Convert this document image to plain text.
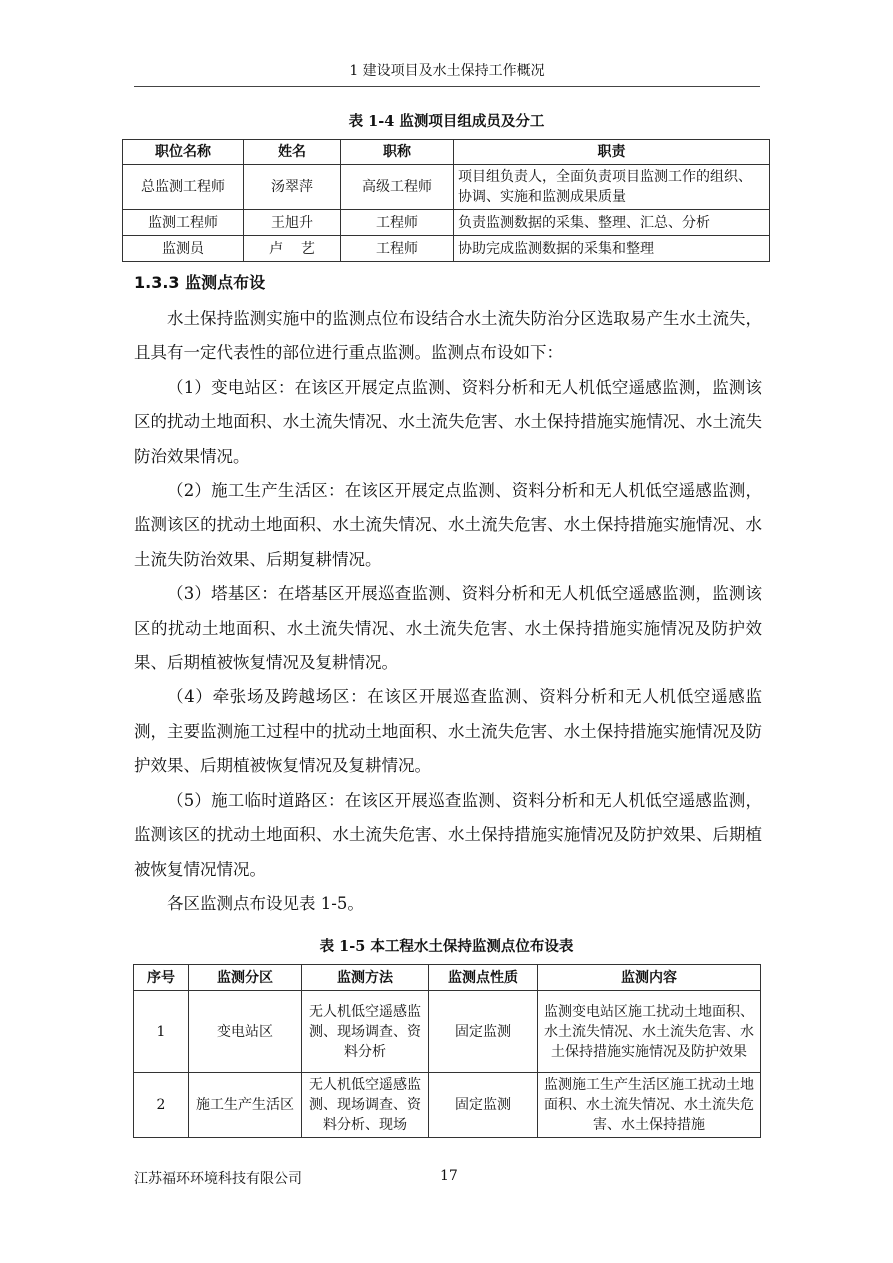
1 建设项目及水土保持工作概况
表 1-4 监测项目组成员及分工
职位名称	姓名	职称	职责
总监测工程师	汤翠萍	高级工程师	项目组负责人，全面负责项目监测工作的组织、协调、实施和监测成果质量
监测工程师	王旭升	工程师	负责监测数据的采集、整理、汇总、分析
监测员	卢    艺	工程师	协助完成监测数据的采集和整理
1.3.3 监测点布设

水土保持监测实施中的监测点位布设结合水土流失防治分区选取易产生水土流失，且具有一定代表性的部位进行重点监测。监测点布设如下：

（1）变电站区：在该区开展定点监测、资料分析和无人机低空遥感监测，监测该区的扰动土地面积、水土流失情况、水土流失危害、水土保持措施实施情况、水土流失防治效果情况。

（2）施工生产生活区：在该区开展定点监测、资料分析和无人机低空遥感监测，监测该区的扰动土地面积、水土流失情况、水土流失危害、水土保持措施实施情况、水土流失防治效果、后期复耕情况。

（3）塔基区：在塔基区开展巡查监测、资料分析和无人机低空遥感监测，监测该区的扰动土地面积、水土流失情况、水土流失危害、水土保持措施实施情况及防护效果、后期植被恢复情况及复耕情况。

（4）牵张场及跨越场区：在该区开展巡查监测、资料分析和无人机低空遥感监测，主要监测施工过程中的扰动土地面积、水土流失危害、水土保持措施实施情况及防护效果、后期植被恢复情况及复耕情况。

（5）施工临时道路区：在该区开展巡查监测、资料分析和无人机低空遥感监测，监测该区的扰动土地面积、水土流失危害、水土保持措施实施情况及防护效果、后期植被恢复情况情况。

各区监测点布设见表 1-5。

表 1-5 本工程水土保持监测点位布设表
序号	监测分区	监测方法	监测点性质	监测内容
1	变电站区	无人机低空遥感监测、现场调查、资料分析	固定监测	监测变电站区施工扰动土地面积、水土流失情况、水土流失危害、水土保持措施实施情况及防护效果
2	施工生产生活区	无人机低空遥感监测、现场调查、资料分析、现场	固定监测	监测施工生产生活区施工扰动土地面积、水土流失情况、水土流失危害、水土保持措施
江苏福环环境科技有限公司	17
